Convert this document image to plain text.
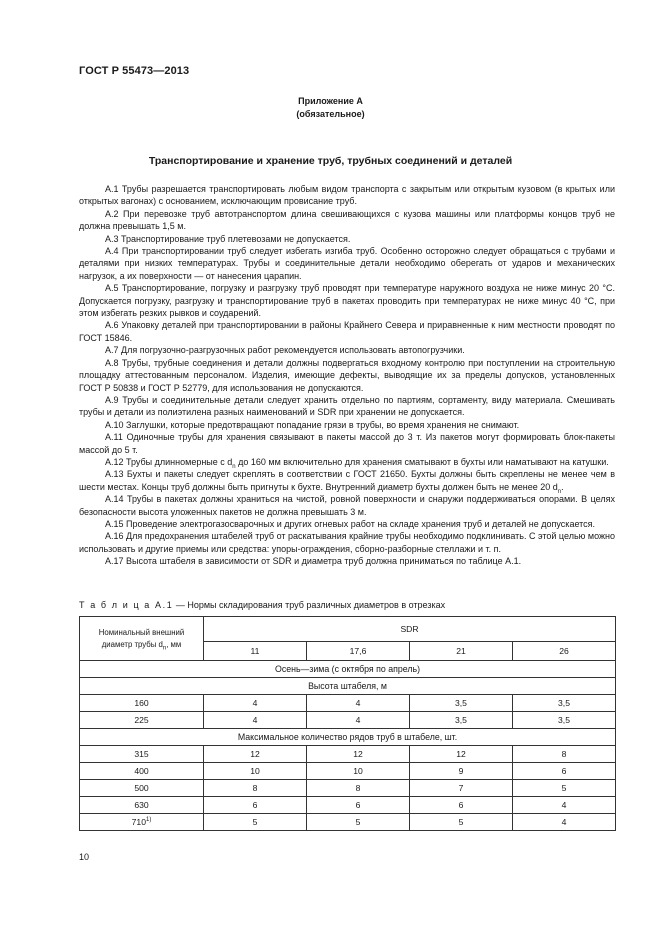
ГОСТ Р 55473—2013
Приложение А
(обязательное)
Транспортирование и хранение труб, трубных соединений и деталей

А.1 Трубы разрешается транспортировать любым видом транспорта с закрытым или открытым кузовом (в крытых или открытых вагонах) с основанием, исключающим провисание труб.

А.2 При перевозке труб автотранспортом длина свешивающихся с кузова машины или платформы концов труб не должна превышать 1,5 м.

А.3 Транспортирование труб плетевозами не допускается.

А.4 При транспортировании труб следует избегать изгиба труб. Особенно осторожно следует обращаться с трубами и деталями при низких температурах. Трубы и соединительные детали необходимо оберегать от ударов и механических нагрузок, а их поверхности — от нанесения царапин.

А.5 Транспортирование, погрузку и разгрузку труб проводят при температуре наружного воздуха не ниже минус 20 °С. Допускается погрузку, разгрузку и транспортирование труб в пакетах проводить при температурах не ниже минус 40 °С, при этом избегать резких рывков и соударений.

А.6 Упаковку деталей при транспортировании в районы Крайнего Севера и приравненные к ним местности проводят по ГОСТ 15846.

А.7 Для погрузочно-разгрузочных работ рекомендуется использовать автопогрузчики.

А.8 Трубы, трубные соединения и детали должны подвергаться входному контролю при поступлении на строительную площадку аттестованным персоналом. Изделия, имеющие дефекты, выводящие их за пределы допусков, установленных ГОСТ Р 50838 и ГОСТ Р 52779, для использования не допускаются.

А.9 Трубы и соединительные детали следует хранить отдельно по партиям, сортаменту, виду материала. Смешивать трубы и детали из полиэтилена разных наименований и SDR при хранении не допускается.

А.10 Заглушки, которые предотвращают попадание грязи в трубы, во время хранения не снимают.

А.11 Одиночные трубы для хранения связывают в пакеты массой до 3 т. Из пакетов могут формировать блок-пакеты массой до 5 т.

А.12 Трубы длинномерные с $d_n$ до 160 мм включительно для хранения сматывают в бухты или наматывают на катушки.

А.13 Бухты и пакеты следует скреплять в соответствии с ГОСТ 21650. Бухты должны быть скреплены не менее чем в шести местах. Концы труб должны быть пригнуты к бухте. Внутренний диаметр бухты должен быть не менее 20 $d_n$.

А.14 Трубы в пакетах должны храниться на чистой, ровной поверхности и снаружи поддерживаться опорами. В целях безопасности высота уложенных пакетов не должна превышать 3 м.

А.15 Проведение электрогазосварочных и других огневых работ на складе хранения труб и деталей не допускается.

А.16 Для предохранения штабелей труб от раскатывания крайние трубы необходимо подклинивать. С этой целью можно использовать и другие приемы или средства: упоры-ограждения, сборно-разборные стеллажи и т. п.

А.17 Высота штабеля в зависимости от SDR и диаметра труб должна приниматься по таблице А.1.

Т а б л и ц а А.1 — Нормы складирования труб различных диаметров в отрезках
Номинальный внешний
диаметр трубы $d_n$, мм	SDR			
	11	17,6	21	26
Осень—зима (с октября по апрель)				
Высота штабеля, м				
160	4	4	3,5	3,5
225	4	4	3,5	3,5
Максимальное количество рядов труб в штабеле, шт.				
315	12	12	12	8
400	10	10	9	6
500	8	8	7	5
630	6	6	6	4
710$^{1)}$	5	5	5	4
10
